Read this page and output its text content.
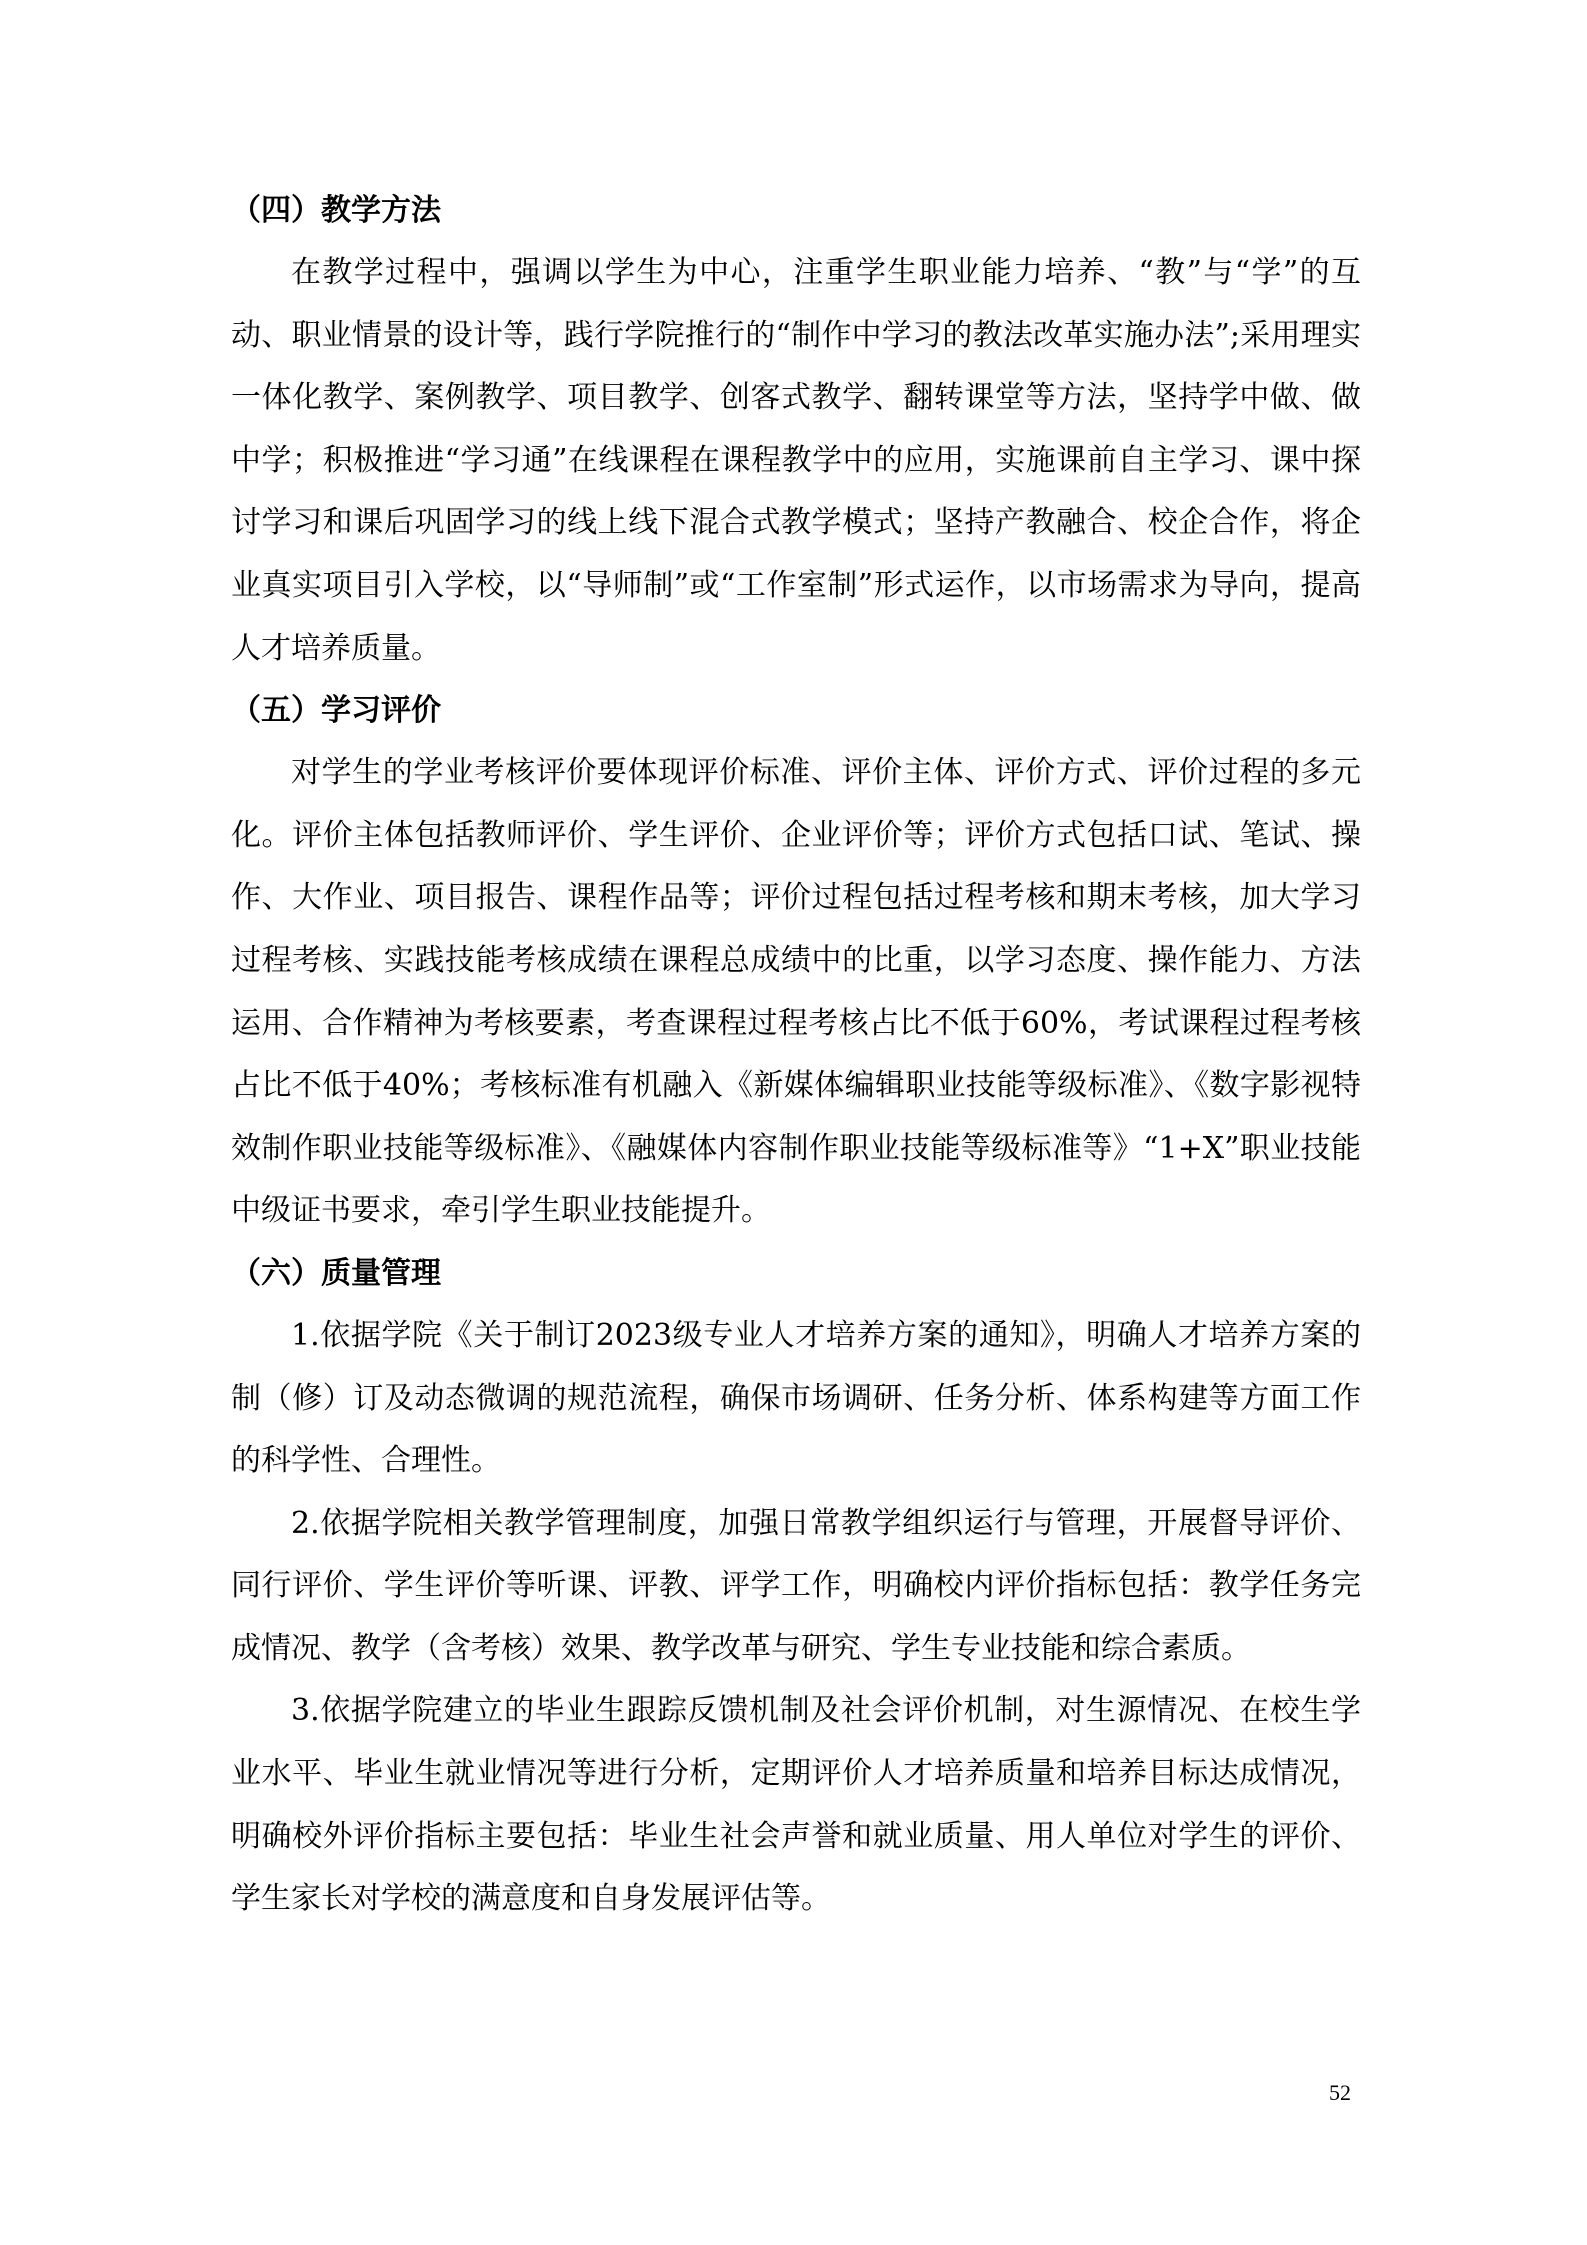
（四）教学方法

在教学过程中，强调以学生为中心，注重学生职业能力培养、“教”与“学”的互动、职业情景的设计等，践行学院推行的“制作中学习的教法改革实施办法”;采用理实一体化教学、案例教学、项目教学、创客式教学、翻转课堂等方法，坚持学中做、做中学；积极推进“学习通”在线课程在课程教学中的应用，实施课前自主学习、课中探讨学习和课后巩固学习的线上线下混合式教学模式；坚持产教融合、校企合作，将企业真实项目引入学校，以“导师制”或“工作室制”形式运作，以市场需求为导向，提高人才培养质量。

（五）学习评价

对学生的学业考核评价要体现评价标准、评价主体、评价方式、评价过程的多元化。评价主体包括教师评价、学生评价、企业评价等；评价方式包括口试、笔试、操作、大作业、项目报告、课程作品等；评价过程包括过程考核和期末考核，加大学习过程考核、实践技能考核成绩在课程总成绩中的比重，以学习态度、操作能力、方法运用、合作精神为考核要素，考查课程过程考核占比不低于60%，考试课程过程考核占比不低于40%；考核标准有机融入《新媒体编辑职业技能等级标准》、《数字影视特效制作职业技能等级标准》、《融媒体内容制作职业技能等级标准等》“1+X”职业技能中级证书要求，牵引学生职业技能提升。

（六）质量管理

1.依据学院《关于制订2023级专业人才培养方案的通知》，明确人才培养方案的制（修）订及动态微调的规范流程，确保市场调研、任务分析、体系构建等方面工作的科学性、合理性。

2.依据学院相关教学管理制度，加强日常教学组织运行与管理，开展督导评价、同行评价、学生评价等听课、评教、评学工作，明确校内评价指标包括：教学任务完成情况、教学（含考核）效果、教学改革与研究、学生专业技能和综合素质。

3.依据学院建立的毕业生跟踪反馈机制及社会评价机制，对生源情况、在校生学业水平、毕业生就业情况等进行分析，定期评价人才培养质量和培养目标达成情况，明确校外评价指标主要包括：毕业生社会声誉和就业质量、用人单位对学生的评价、学生家长对学校的满意度和自身发展评估等。

52
